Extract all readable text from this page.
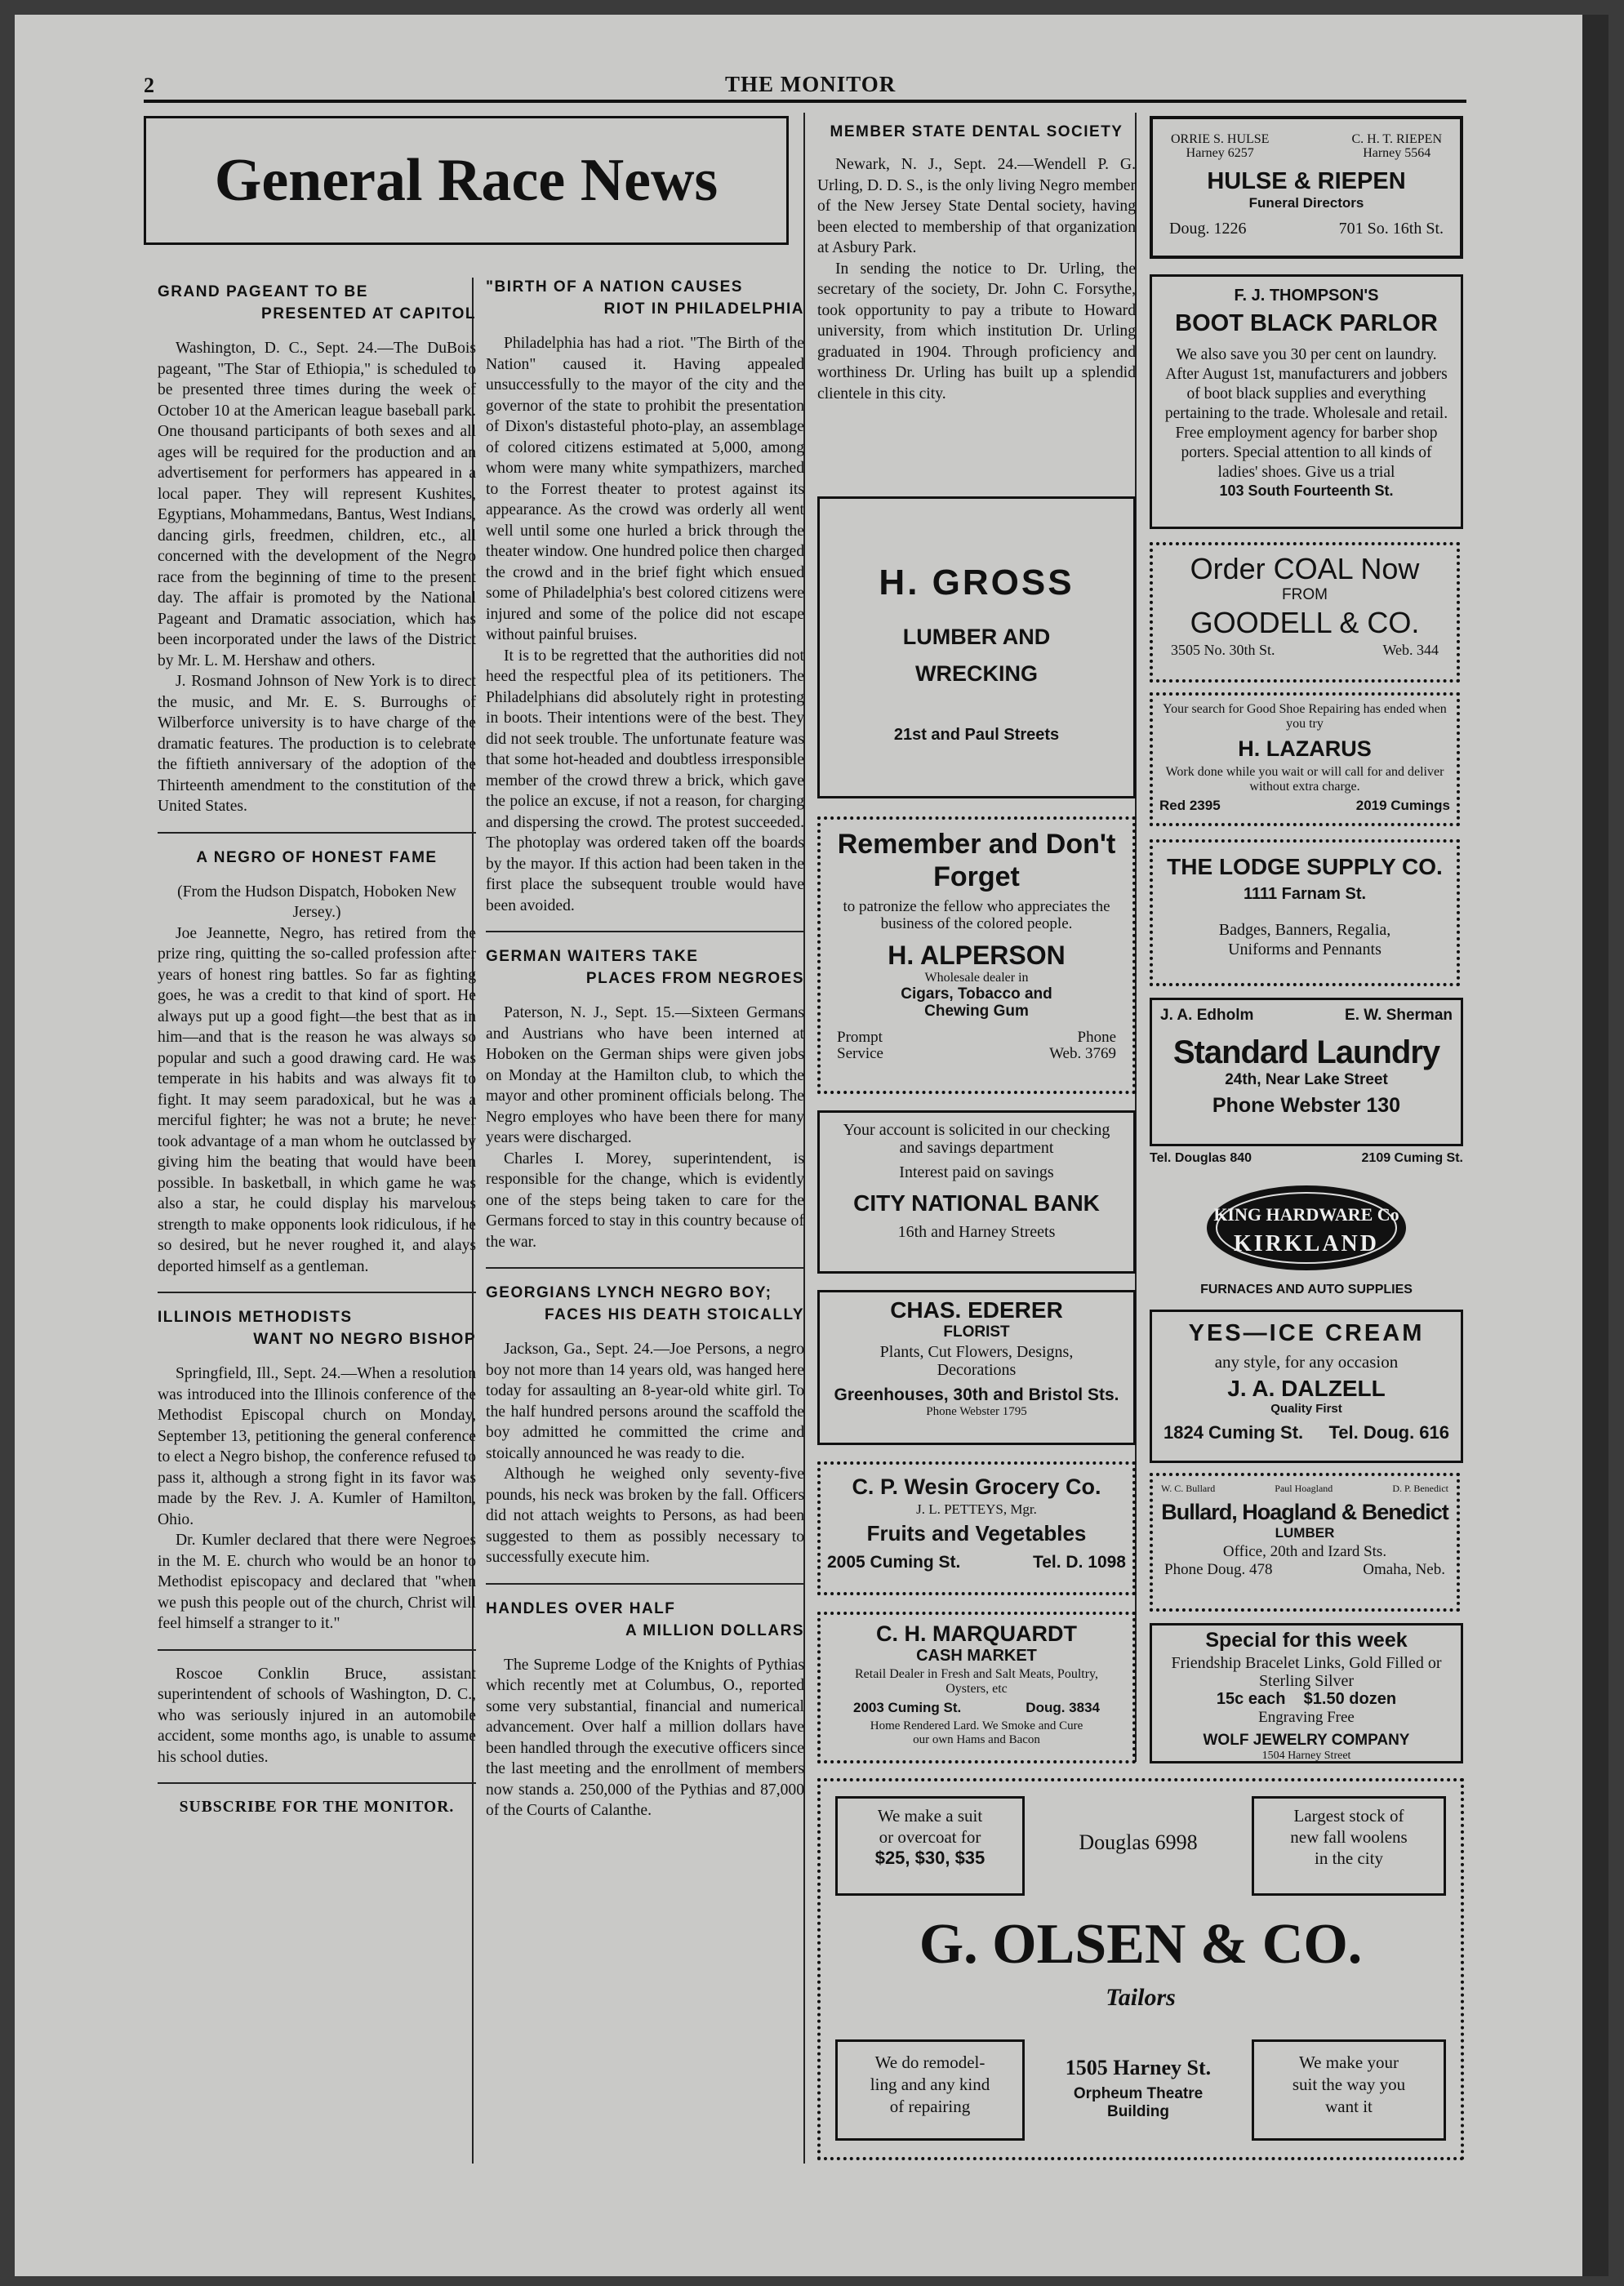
2	THE MONITOR
General Race News
GRAND PAGEANT TO BE
PRESENTED AT CAPITOL

Washington, D. C., Sept. 24.—The DuBois pageant, "The Star of Ethiopia," is scheduled to be presented three times during the week of October 10 at the American league baseball park. One thousand participants of both sexes and all ages will be required for the production and an advertisement for performers has appeared in a local paper. They will represent Kushites, Egyptians, Mohammedans, Bantus, West Indians, dancing girls, freedmen, children, etc., all concerned with the development of the Negro race from the beginning of time to the present day. The affair is promoted by the National Pageant and Dramatic association, which has been incorporated under the laws of the District by Mr. L. M. Hershaw and others.

J. Rosmand Johnson of New York is to direct the music, and Mr. E. S. Burroughs of Wilberforce university is to have charge of the dramatic features. The production is to celebrate the fiftieth anniversary of the adoption of the Thirteenth amendment to the constitution of the United States.

A NEGRO OF HONEST FAME

(From the Hudson Dispatch, Hoboken New Jersey.)

Joe Jeannette, Negro, has retired from the prize ring, quitting the so-called profession after years of honest ring battles. So far as fighting goes, he was a credit to that kind of sport. He always put up a good fight—the best that as in him—and that is the reason he was always so popular and such a good drawing card. He was temperate in his habits and was always fit to fight. It may seem paradoxical, but he was a merciful fighter; he was not a brute; he never took advantage of a man whom he outclassed by giving him the beating that would have been possible. In basketball, in which game he was also a star, he could display his marvelous strength to make opponents look ridiculous, if he so desired, but he never roughed it, and alays deported himself as a gentleman.

ILLINOIS METHODISTS
WANT NO NEGRO BISHOP

Springfield, Ill., Sept. 24.—When a resolution was introduced into the Illinois conference of the Methodist Episcopal church on Monday, September 13, petitioning the general conference to elect a Negro bishop, the conference refused to pass it, although a strong fight in its favor was made by the Rev. J. A. Kumler of Hamilton, Ohio.

Dr. Kumler declared that there were Negroes in the M. E. church who would be an honor to Methodist episcopacy and declared that "when we push this people out of the church, Christ will feel himself a stranger to it."

Roscoe Conklin Bruce, assistant superintendent of schools of Washington, D. C., who was seriously injured in an automobile accident, some months ago, is unable to assume his school duties.

SUBSCRIBE FOR THE MONITOR.

"BIRTH OF A NATION CAUSES
RIOT IN PHILADELPHIA

Philadelphia has had a riot. "The Birth of the Nation" caused it. Having appealed unsuccessfully to the mayor of the city and the governor of the state to prohibit the presentation of Dixon's distasteful photo-play, an assemblage of colored citizens estimated at 5,000, among whom were many white sympathizers, marched to the Forrest theater to protest against its appearance. As the crowd was orderly all went well until some one hurled a brick through the theater window. One hundred police then charged the crowd and in the brief fight which ensued some of Philadelphia's best colored citizens were injured and some of the police did not escape without painful bruises.

It is to be regretted that the authorities did not heed the respectful plea of its petitioners. The Philadelphians did absolutely right in protesting in boots. Their intentions were of the best. They did not seek trouble. The unfortunate feature was that some hot-headed and doubtless irresponsible member of the crowd threw a brick, which gave the police an excuse, if not a reason, for charging and dispersing the crowd. The protest succeeded. The photoplay was ordered taken off the boards by the mayor. If this action had been taken in the first place the subsequent trouble would have been avoided.

GERMAN WAITERS TAKE
PLACES FROM NEGROES

Paterson, N. J., Sept. 15.—Sixteen Germans and Austrians who have been interned at Hoboken on the German ships were given jobs on Monday at the Hamilton club, to which the mayor and other prominent officials belong. The Negro employes who have been there for many years were discharged.

Charles I. Morey, superintendent, is responsible for the change, which is evidently one of the steps being taken to care for the Germans forced to stay in this country because of the war.

GEORGIANS LYNCH NEGRO BOY;
FACES HIS DEATH STOICALLY

Jackson, Ga., Sept. 24.—Joe Persons, a negro boy not more than 14 years old, was hanged here today for assaulting an 8-year-old white girl. To the half hundred persons around the scaffold the boy admitted he committed the crime and stoically announced he was ready to die.

Although he weighed only seventy-five pounds, his neck was broken by the fall. Officers did not attach weights to Persons, as had been suggested to them as possibly necessary to successfully execute him.

HANDLES OVER HALF
A MILLION DOLLARS

The Supreme Lodge of the Knights of Pythias which recently met at Columbus, O., reported some very substantial, financial and numerical advancement. Over half a million dollars have been handled through the executive officers since the last meeting and the enrollment of members now stands a. 250,000 of the Pythias and 87,000 of the Courts of Calanthe.

MEMBER STATE DENTAL SOCIETY

Newark, N. J., Sept. 24.—Wendell P. G. Urling, D. D. S., is the only living Negro member of the New Jersey State Dental society, having been elected to membership of that organization at Asbury Park.

In sending the notice to Dr. Urling, the secretary of the society, Dr. John C. Forsythe, took opportunity to pay a tribute to Howard university, from which institution Dr. Urling graduated in 1904. Through proficiency and worthiness Dr. Urling has built up a splendid clientele in this city.

H. GROSS
LUMBER AND
WRECKING
21st and Paul Streets
Remember and Don't
Forget
to patronize the fellow who appreciates the business of the colored people.
H. ALPERSON
Wholesale dealer in
Cigars, Tobacco and Chewing Gum
Prompt
Service
Phone
Web. 3769
Your account is solicited in our checking and savings department
Interest paid on savings
CITY NATIONAL BANK
16th and Harney Streets
CHAS. EDERER
FLORIST
Plants, Cut Flowers, Designs, Decorations
Greenhouses, 30th and Bristol Sts.
Phone Webster 1795
C. P. Wesin Grocery Co.
J. L. PETTEYS, Mgr.
Fruits and Vegetables
2005 Cuming St.	Tel. D. 1098
C. H. MARQUARDT
CASH MARKET
Retail Dealer in Fresh and Salt Meats, Poultry, Oysters, etc
2003 Cuming St.	Doug. 3834
Home Rendered Lard. We Smoke and Cure our own Hams and Bacon
ORRIE S. HULSE
Harney 6257
C. H. T. RIEPEN
Harney 5564
HULSE & RIEPEN
Funeral Directors
Doug. 1226	701 So. 16th St.
F. J. THOMPSON'S
BOOT BLACK PARLOR
We also save you 30 per cent on laundry. After August 1st, manufacturers and jobbers of boot black supplies and everything pertaining to the trade. Wholesale and retail. Free employment agency for barber shop porters. Special attention to all kinds of ladies' shoes. Give us a trial
103 South Fourteenth St.
Order COAL Now
FROM
GOODELL & CO.
3505 No. 30th St.	Web. 344
Your search for Good Shoe Repairing has ended when you try
H. LAZARUS
Work done while you wait or will call for and deliver without extra charge.
Red 2395	2019 Cumings
THE LODGE SUPPLY CO.
1111 Farnam St.
Badges, Banners, Regalia, Uniforms and Pennants
J. A. Edholm	E. W. Sherman
Standard Laundry
24th, Near Lake Street
Phone Webster 130
Tel. Douglas 840	2109 Cuming St.
KING HARDWARE Co
KIRKLAND
FURNACES AND AUTO SUPPLIES
YES—ICE CREAM
any style, for any occasion
J. A. DALZELL
Quality First
1824 Cuming St. Tel. Doug. 616
W. C. Bullard	Paul Hoagland	D. P. Benedict
Bullard, Hoagland & Benedict
LUMBER
Office, 20th and Izard Sts.
Phone Doug. 478	Omaha, Neb.
Special for this week
Friendship Bracelet Links, Gold Filled or Sterling Silver
15c each $1.50 dozen
Engraving Free
WOLF JEWELRY COMPANY
1504 Harney Street
We make a suit
or overcoat for
$25, $30, $35
Douglas 6998
Largest stock of
new fall woolens
in the city
G. OLSEN & CO.
Tailors
We do remodel-
ling and any kind
of repairing
1505 Harney St.
Orpheum Theatre
Building
We make your
suit the way you
want it
